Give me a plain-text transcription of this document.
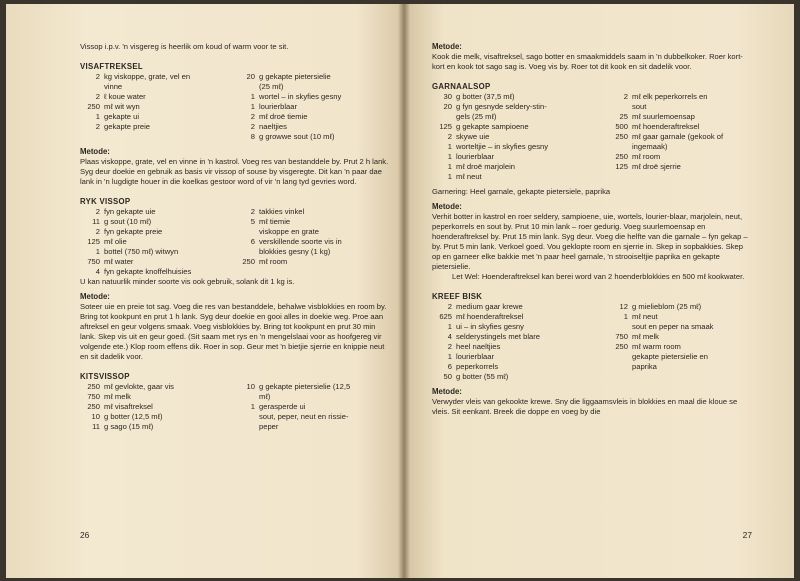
Vissop i.p.v. 'n visgereg is heerlik om koud of warm voor te sit.

VISAFTREKSEL

2 kg viskoppe, grate, vel en
vinne
2 ℓ koue water
250 mℓ wit wyn
1 gekapte ui
2 gekapte preie
20 g gekapte pietersielie
(25 mℓ)
1 wortel – in skyfies gesny
1 lourierblaar
2 mℓ droë tiemie
2 naeltjies
8 g growwe sout (10 mℓ)

Metode:

Plaas viskoppe, grate, vel en vinne in 'n kastrol. Voeg res van bestanddele by. Prut 2 h lank. Syg deur doekie en gebruik as basis vir vissop of souse by visgeregte. Dit kan 'n paar dae lank in 'n lugdigte houer in die koelkas gestoor word of vir 'n lang tyd gevries word.

RYK VISSOP

2 fyn gekapte uie
11 g sout (10 mℓ)
2 fyn gekapte preie
125 mℓ olie
1 bottel (750 mℓ) witwyn
750 mℓ water
4 fyn gekapte knoffelhuisies
2 takkies vinkel
5 mℓ tiemie
viskoppe en grate
6 verskillende soorte vis in
blokkies gesny (1 kg)
250 mℓ room

U kan natuurlik minder soorte vis ook gebruik, solank dit 1 kg is.

Metode:

Soteer uie en preie tot sag. Voeg die res van bestanddele, behalwe visblokkies en room by. Bring tot kookpunt en prut 1 h lank. Syg deur doekie en gooi alles in doekie weg. Proe aan aftreksel en geur volgens smaak. Voeg visblokkies by. Bring tot kookpunt en prut 30 min lank. Skep vis uit en geur goed. (Sit saam met rys en 'n mengelslaai voor as hoofgereg vir volgende ete.) Klop room effens dik. Roer in sop. Geur met 'n bietjie sjerrie en knippie neut en sit dadelik voor.

KITSVISSOP

250 mℓ gevlokte, gaar vis
750 mℓ melk
250 mℓ visaftreksel
10 g botter (12,5 mℓ)
11 g sago (15 mℓ)
10 g gekapte pietersielie (12,5
mℓ)
1 gerasperde ui
sout, peper, neut en rissie-
peper
26

Metode:

Kook die melk, visaftreksel, sago botter en smaakmiddels saam in 'n dubbelkoker. Roer kort-kort en kook tot sago sag is. Voeg vis by. Roer tot dit kook en sit dadelik voor.

GARNAALSOP

30 g botter (37,5 mℓ)
20 g fyn gesnyde seldery-stin-
gels (25 mℓ)
125 g gekapte sampioene
2 skywe uie
1 worteltjie – in skyfies gesny
1 lourierblaar
1 mℓ droë marjolein
1 mℓ neut
2 mℓ elk peperkorrels en
sout
25 mℓ suurlemoensap
500 mℓ hoenderaftreksel
250 mℓ gaar garnale (gekook of
ingemaak)
250 mℓ room
125 mℓ droë sjerrie

Garnering: Heel garnale, gekapte pietersiele, paprika

Metode:

Verhit botter in kastrol en roer seldery, sampioene, uie, wortels, lourier-blaar, marjolein, neut, peperkorrels en sout by. Prut 10 min lank – roer gedurig. Voeg suurlemoensap en hoenderaftreksel by. Prut 15 min lank. Syg deur. Voeg die helfte van die garnale – fyn gekap – by. Prut 5 min lank. Verkoel goed. Vou geklopte room en sjerrie in. Skep in sopbakkies. Skep op en garneer elke bakkie met 'n paar heel garnale, 'n strooiseltjie paprika en gekapte pietersielie.

Let Wel: Hoenderaftreksel kan berei word van 2 hoenderblokkies en 500 mℓ kookwater.

KREEF BISK

2 medium gaar krewe
625 mℓ hoenderaftreksel
1 ui – in skyfies gesny
4 selderystingels met blare
2 heel naeltjies
1 lourierblaar
6 peperkorrels
50 g botter (55 mℓ)
12 g mielieblom (25 mℓ)
1 mℓ neut
sout en peper na smaak
750 mℓ melk
250 mℓ warm room
gekapte pietersielie en
paprika

Metode:

Verwyder vleis van gekookte krewe. Sny die liggaamsvleis in blokkies en maal die kloue se vleis. Sit eenkant. Breek die doppe en voeg by die

27
